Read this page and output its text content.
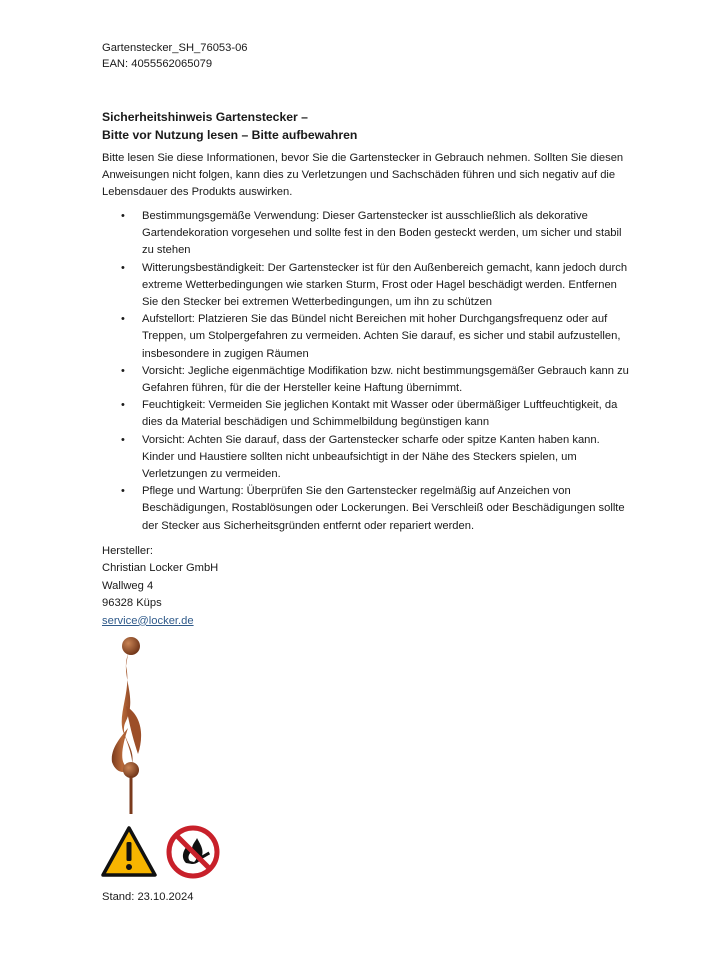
Gartenstecker_SH_76053-06
EAN: 4055562065079
Sicherheitshinweis Gartenstecker –
Bitte vor Nutzung lesen – Bitte aufbewahren
Bitte lesen Sie diese Informationen, bevor Sie die Gartenstecker in Gebrauch nehmen. Sollten Sie diesen Anweisungen nicht folgen, kann dies zu Verletzungen und Sachschäden führen und sich negativ auf die Lebensdauer des Produkts auswirken.
• Bestimmungsgemäße Verwendung: Dieser Gartenstecker ist ausschließlich als dekorative Gartendekoration vorgesehen und sollte fest in den Boden gesteckt werden, um sicher und stabil zu stehen
• Witterungsbeständigkeit: Der Gartenstecker ist für den Außenbereich gemacht, kann jedoch durch extreme Wetterbedingungen wie starken Sturm, Frost oder Hagel beschädigt werden. Entfernen Sie den Stecker bei extremen Wetterbedingungen, um ihn zu schützen
• Aufstellort: Platzieren Sie das Bündel nicht Bereichen mit hoher Durchgangsfrequenz oder auf Treppen, um Stolpergefahren zu vermeiden. Achten Sie darauf, es sicher und stabil aufzustellen, insbesondere in zugigen Räumen
• Vorsicht: Jegliche eigenmächtige Modifikation bzw. nicht bestimmungsgemäßer Gebrauch kann zu Gefahren führen, für die der Hersteller keine Haftung übernimmt.
• Feuchtigkeit: Vermeiden Sie jeglichen Kontakt mit Wasser oder übermäßiger Luftfeuchtigkeit, da dies da Material beschädigen und Schimmelbildung begünstigen kann
• Vorsicht: Achten Sie darauf, dass der Gartenstecker scharfe oder spitze Kanten haben kann. Kinder und Haustiere sollten nicht unbeaufsichtigt in der Nähe des Steckers spielen, um Verletzungen zu vermeiden.
• Pflege und Wartung: Überprüfen Sie den Gartenstecker regelmäßig auf Anzeichen von Beschädigungen, Rostablösungen oder Lockerungen. Bei Verschleiß oder Beschädigungen sollte der Stecker aus Sicherheitsgründen entfernt oder repariert werden.
Hersteller:
Christian Locker GmbH
Wallweg 4
96328 Küps
service@locker.de
Stand: 23.10.2024
